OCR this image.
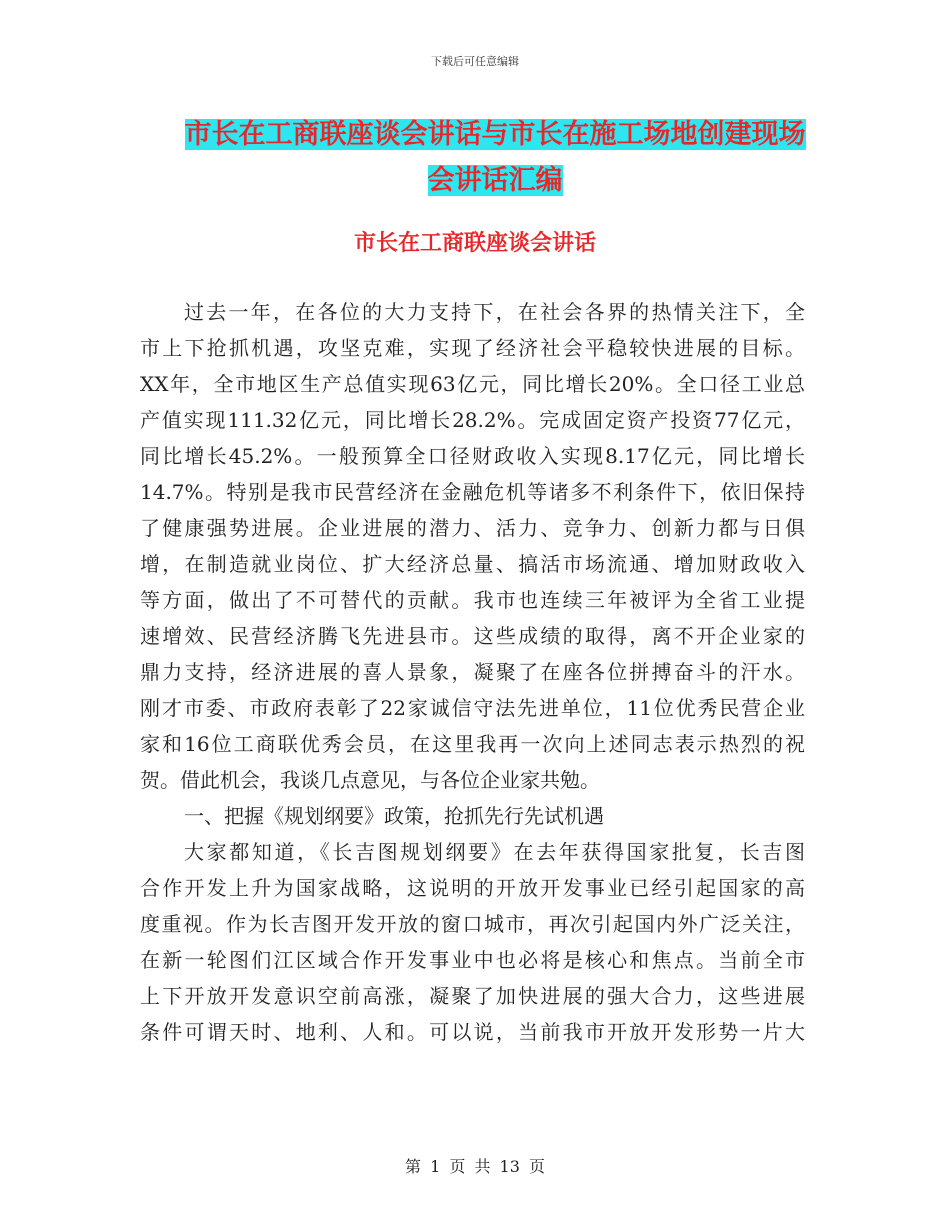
下载后可任意编辑
市长在工商联座谈会讲话与市长在施工场地创建现场
会讲话汇编
市长在工商联座谈会讲话
过去一年，在各位的大力支持下，在社会各界的热情关注下，全
市上下抢抓机遇，攻坚克难，实现了经济社会平稳较快进展的目标。
XX年，全市地区生产总值实现63亿元，同比增长20%。全口径工业总
产值实现111.32亿元，同比增长28.2%。完成固定资产投资77亿元，
同比增长45.2%。一般预算全口径财政收入实现8.17亿元，同比增长
14.7%。特别是我市民营经济在金融危机等诸多不利条件下，依旧保持
了健康强势进展。企业进展的潜力、活力、竞争力、创新力都与日俱
增，在制造就业岗位、扩大经济总量、搞活市场流通、增加财政收入
等方面，做出了不可替代的贡献。我市也连续三年被评为全省工业提
速增效、民营经济腾飞先进县市。这些成绩的取得，离不开企业家的
鼎力支持，经济进展的喜人景象，凝聚了在座各位拼搏奋斗的汗水。
刚才市委、市政府表彰了22家诚信守法先进单位，11位优秀民营企业
家和16位工商联优秀会员，在这里我再一次向上述同志表示热烈的祝
贺。借此机会，我谈几点意见，与各位企业家共勉。
一、把握《规划纲要》政策，抢抓先行先试机遇
大家都知道，《长吉图规划纲要》在去年获得国家批复，长吉图
合作开发上升为国家战略，这说明的开放开发事业已经引起国家的高
度重视。作为长吉图开发开放的窗口城市，再次引起国内外广泛关注，
在新一轮图们江区域合作开发事业中也必将是核心和焦点。当前全市
上下开放开发意识空前高涨，凝聚了加快进展的强大合力，这些进展
条件可谓天时、地利、人和。可以说，当前我市开放开发形势一片大
第 1 页 共 13 页
